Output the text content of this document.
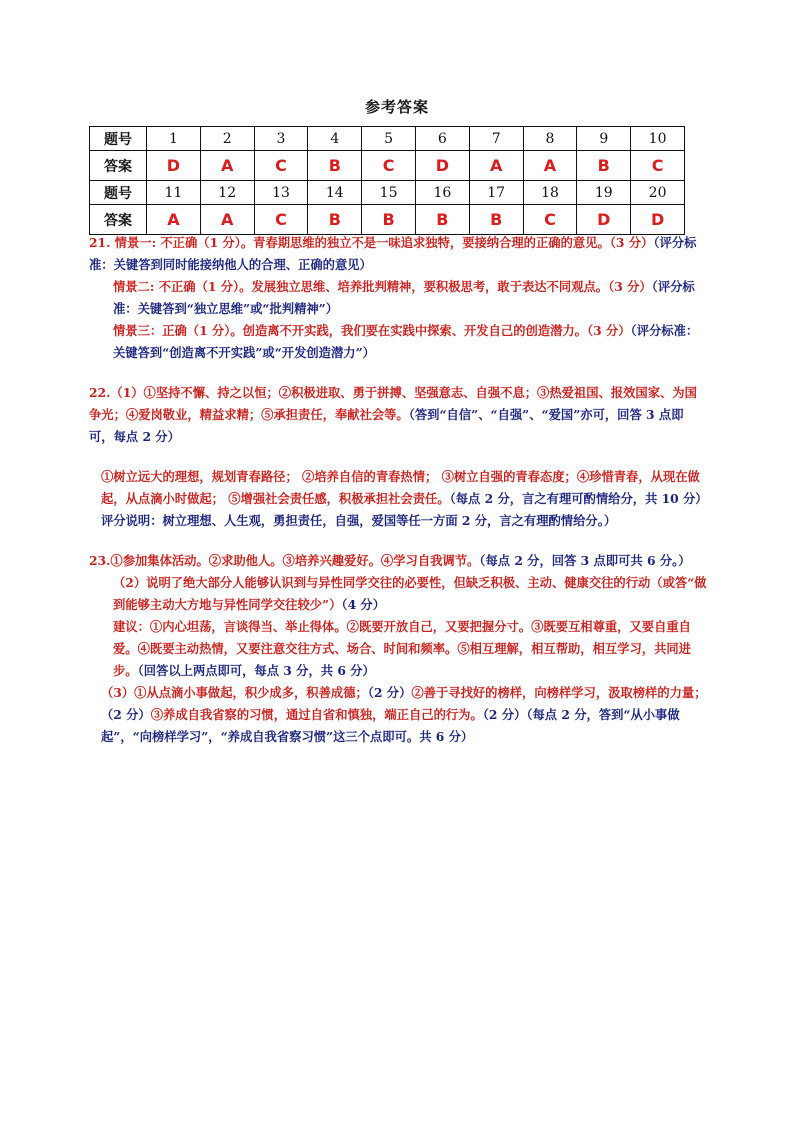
参考答案
题号	1	2	3	4	5	6	7	8	9	10
答案	D	A	C	B	C	D	A	A	B	C
题号	11	12	13	14	15	16	17	18	19	20
答案	A	A	C	B	B	B	B	C	D	D

21. 情景一: 不正确（1 分）。青春期思维的独立不是一味追求独特，要接纳合理的正确的意见。（3 分）（评分标准：关键答到同时能接纳他人的合理、正确的意见）

情景二: 不正确（1 分）。发展独立思维、培养批判精神，要积极思考，敢于表达不同观点。（3 分）（评分标准：关键答到“独立思维”或“批判精神”）

情景三：正确（1 分）。创造离不开实践，我们要在实践中探索、开发自己的创造潜力。（3 分）（评分标准：关键答到“创造离不开实践”或“开发创造潜力”）

22.（1）①坚持不懈、持之以恒；②积极进取、勇于拼搏、坚强意志、自强不息；③热爱祖国、报效国家、为国争光；④爱岗敬业，精益求精；⑤承担责任，奉献社会等。（答到“自信”、“自强”、“爱国”亦可，回答 3 点即可，每点 2 分）

①树立远大的理想，规划青春路径； ②培养自信的青春热情； ③树立自强的青春态度；④珍惜青春，从现在做起，从点滴小时做起； ⑤增强社会责任感，积极承担社会责任。（每点 2 分，言之有理可酌情给分，共 10 分）评分说明：树立理想、人生观，勇担责任，自强，爱国等任一方面 2 分，言之有理酌情给分。）

23.①参加集体活动。②求助他人。③培养兴趣爱好。④学习自我调节。（每点 2 分，回答 3 点即可共 6 分。）

（2）说明了绝大部分人能够认识到与异性同学交往的必要性，但缺乏积极、主动、健康交往的行动（或答“做到能够主动大方地与异性同学交往较少”）（4 分）

建议：①内心坦荡，言谈得当、举止得体。②既要开放自己，又要把握分寸。③既要互相尊重，又要自重自爱。④既要主动热情，又要注意交往方式、场合、时间和频率。⑤相互理解，相互帮助，相互学习，共同进步。（回答以上两点即可，每点 3 分，共 6 分）

（3）①从点滴小事做起，积少成多，积善成德；（2 分）②善于寻找好的榜样，向榜样学习，汲取榜样的力量；（2 分）③养成自我省察的习惯，通过自省和慎独，端正自己的行为。（2 分）（每点 2 分，答到“从小事做起”，“向榜样学习”，“养成自我省察习惯”这三个点即可。共 6 分）
